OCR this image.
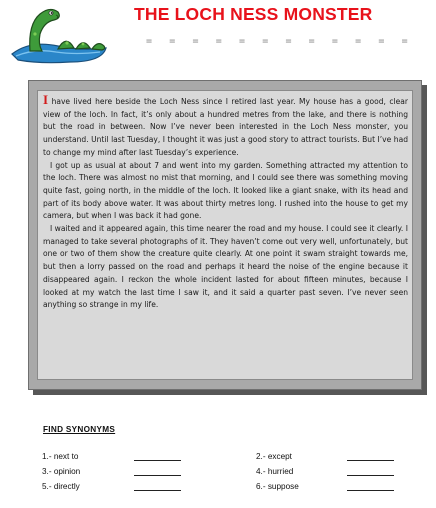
THE LOCH NESS MONSTER
= = = = = = = = = = = =

I have lived here beside the Loch Ness since I retired last year. My house has a good, clear view of the loch. In fact, it’s only about a hundred metres from the lake, and there is nothing but the road in between. Now I’ve never been interested in the Loch Ness monster, you understand. Until last Tuesday, I thought it was just a good story to attract tourists. But I’ve had to change my mind after last Tuesday’s experience.

I got up as usual at about 7 and went into my garden. Something attracted my attention to the loch. There was almost no mist that morning, and I could see there was something moving quite fast, going north, in the middle of the loch. It looked like a giant snake, with its head and part of its body above water. It was about thirty metres long. I rushed into the house to get my camera, but when I was back it had gone.

I waited and it appeared again, this time nearer the road and my house. I could see it clearly. I managed to take several photographs of it. They haven’t come out very well, unfortunately, but one or two of them show the creature quite clearly. At one point it swam straight towards me, but then a lorry passed on the road and perhaps it heard the noise of the engine because it disappeared again. I reckon the whole incident lasted for about fifteen minutes, because I looked at my watch the last time I saw it, and it said a quarter past seven. I’ve never seen anything so strange in my life.

FIND SYNONYMS
1.- next to	2.- except
3.- opinion	4.- hurried
5.- directly	6.- suppose
